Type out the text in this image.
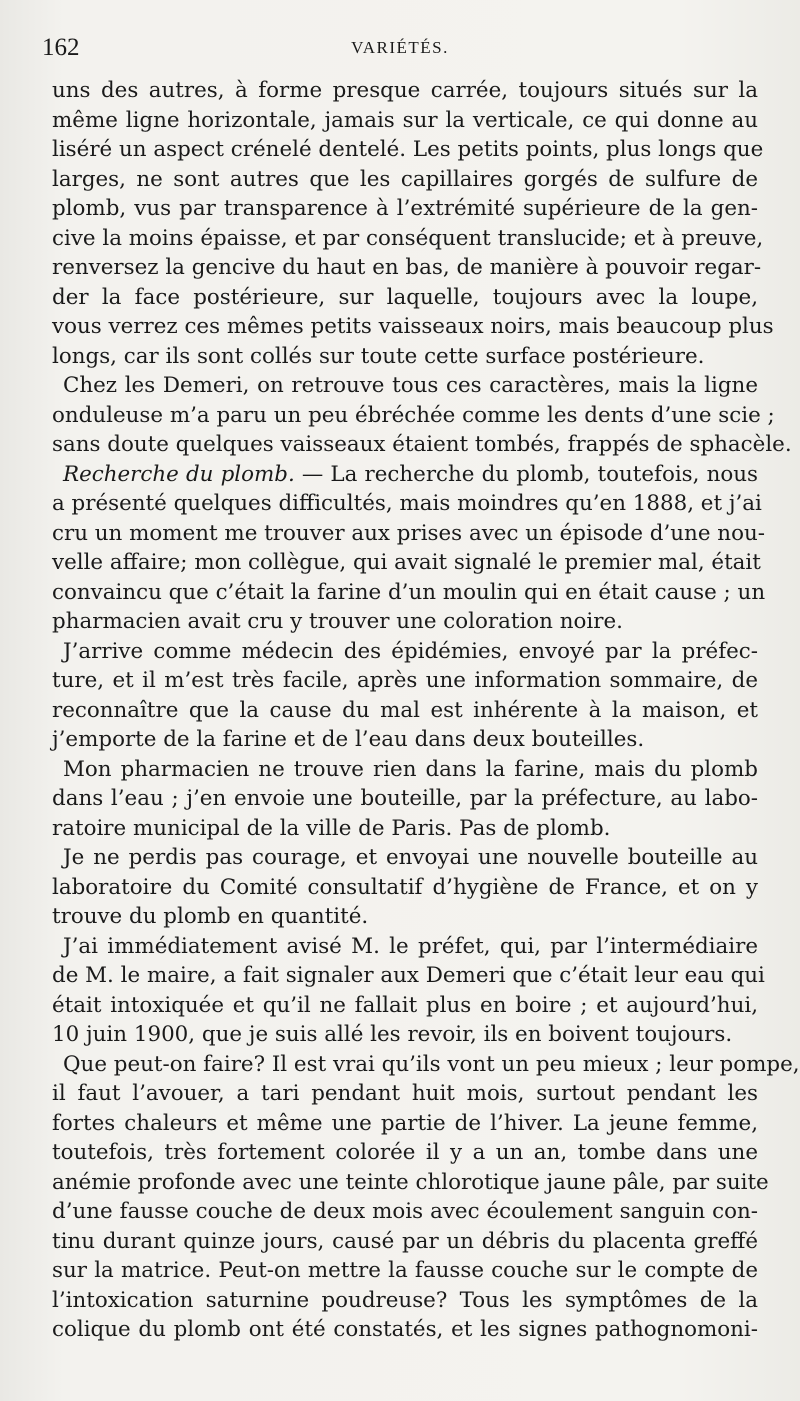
162	VARIÉTÉS.
uns des autres, à forme presque carrée, toujours situés sur la
même ligne horizontale, jamais sur la verticale, ce qui donne au
liséré un aspect crénelé dentelé. Les petits points, plus longs que
larges, ne sont autres que les capillaires gorgés de sulfure de
plomb, vus par transparence à l’extrémité supérieure de la gen-
cive la moins épaisse, et par conséquent translucide; et à preuve,
renversez la gencive du haut en bas, de manière à pouvoir regar-
der la face postérieure, sur laquelle, toujours avec la loupe,
vous verrez ces mêmes petits vaisseaux noirs, mais beaucoup plus
longs, car ils sont collés sur toute cette surface postérieure.
Chez les Demeri, on retrouve tous ces caractères, mais la ligne
onduleuse m’a paru un peu ébréchée comme les dents d’une scie ;
sans doute quelques vaisseaux étaient tombés, frappés de sphacèle.
Recherche du plomb. — La recherche du plomb, toutefois, nous
a présenté quelques difficultés, mais moindres qu’en 1888, et j’ai
cru un moment me trouver aux prises avec un épisode d’une nou-
velle affaire; mon collègue, qui avait signalé le premier mal, était
convaincu que c’était la farine d’un moulin qui en était cause ; un
pharmacien avait cru y trouver une coloration noire.
J’arrive comme médecin des épidémies, envoyé par la préfec-
ture, et il m’est très facile, après une information sommaire, de
reconnaître que la cause du mal est inhérente à la maison, et
j’emporte de la farine et de l’eau dans deux bouteilles.
Mon pharmacien ne trouve rien dans la farine, mais du plomb
dans l’eau ; j’en envoie une bouteille, par la préfecture, au labo-
ratoire municipal de la ville de Paris. Pas de plomb.
Je ne perdis pas courage, et envoyai une nouvelle bouteille au
laboratoire du Comité consultatif d’hygiène de France, et on y
trouve du plomb en quantité.
J’ai immédiatement avisé M. le préfet, qui, par l’intermédiaire
de M. le maire, a fait signaler aux Demeri que c’était leur eau qui
était intoxiquée et qu’il ne fallait plus en boire ; et aujourd’hui,
10 juin 1900, que je suis allé les revoir, ils en boivent toujours.
Que peut-on faire? Il est vrai qu’ils vont un peu mieux ; leur pompe,
il faut l’avouer, a tari pendant huit mois, surtout pendant les
fortes chaleurs et même une partie de l’hiver. La jeune femme,
toutefois, très fortement colorée il y a un an, tombe dans une
anémie profonde avec une teinte chlorotique jaune pâle, par suite
d’une fausse couche de deux mois avec écoulement sanguin con-
tinu durant quinze jours, causé par un débris du placenta greffé
sur la matrice. Peut-on mettre la fausse couche sur le compte de
l’intoxication saturnine poudreuse? Tous les symptômes de la
colique du plomb ont été constatés, et les signes pathognomoni-
